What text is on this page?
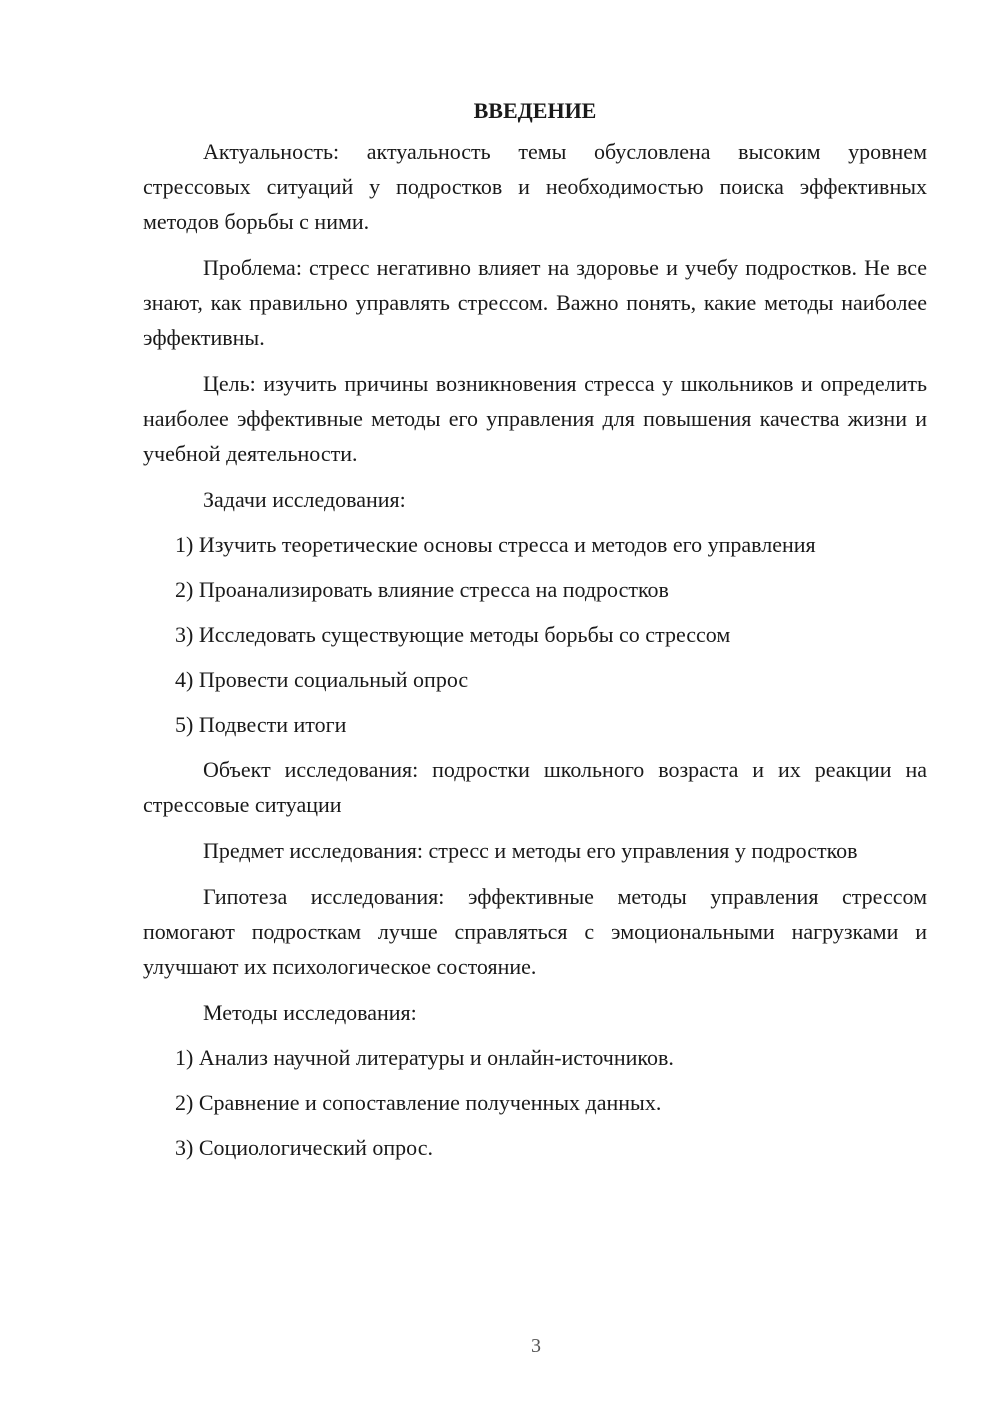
ВВЕДЕНИЕ

Актуальность: актуальность темы обусловлена высоким уровнем стрессовых ситуаций у подростков и необходимостью поиска эффективных методов борьбы с ними.

Проблема: стресс негативно влияет на здоровье и учебу подростков. Не все знают, как правильно управлять стрессом. Важно понять, какие методы наиболее эффективны.

Цель: изучить причины возникновения стресса у школьников и определить наиболее эффективные методы его управления для повышения качества жизни и учебной деятельности.

Задачи исследования:

1) Изучить теоретические основы стресса и методов его управления
2) Проанализировать влияние стресса на подростков
3) Исследовать существующие методы борьбы со стрессом
4) Провести социальный опрос
5) Подвести итоги

Объект исследования: подростки школьного возраста и их реакции на стрессовые ситуации

Предмет исследования: стресс и методы его управления у подростков

Гипотеза исследования: эффективные методы управления стрессом помогают подросткам лучше справляться с эмоциональными нагрузками и улучшают их психологическое состояние.

Методы исследования:

1) Анализ научной литературы и онлайн-источников.
2) Сравнение и сопоставление полученных данных.
3) Социологический опрос.
3
